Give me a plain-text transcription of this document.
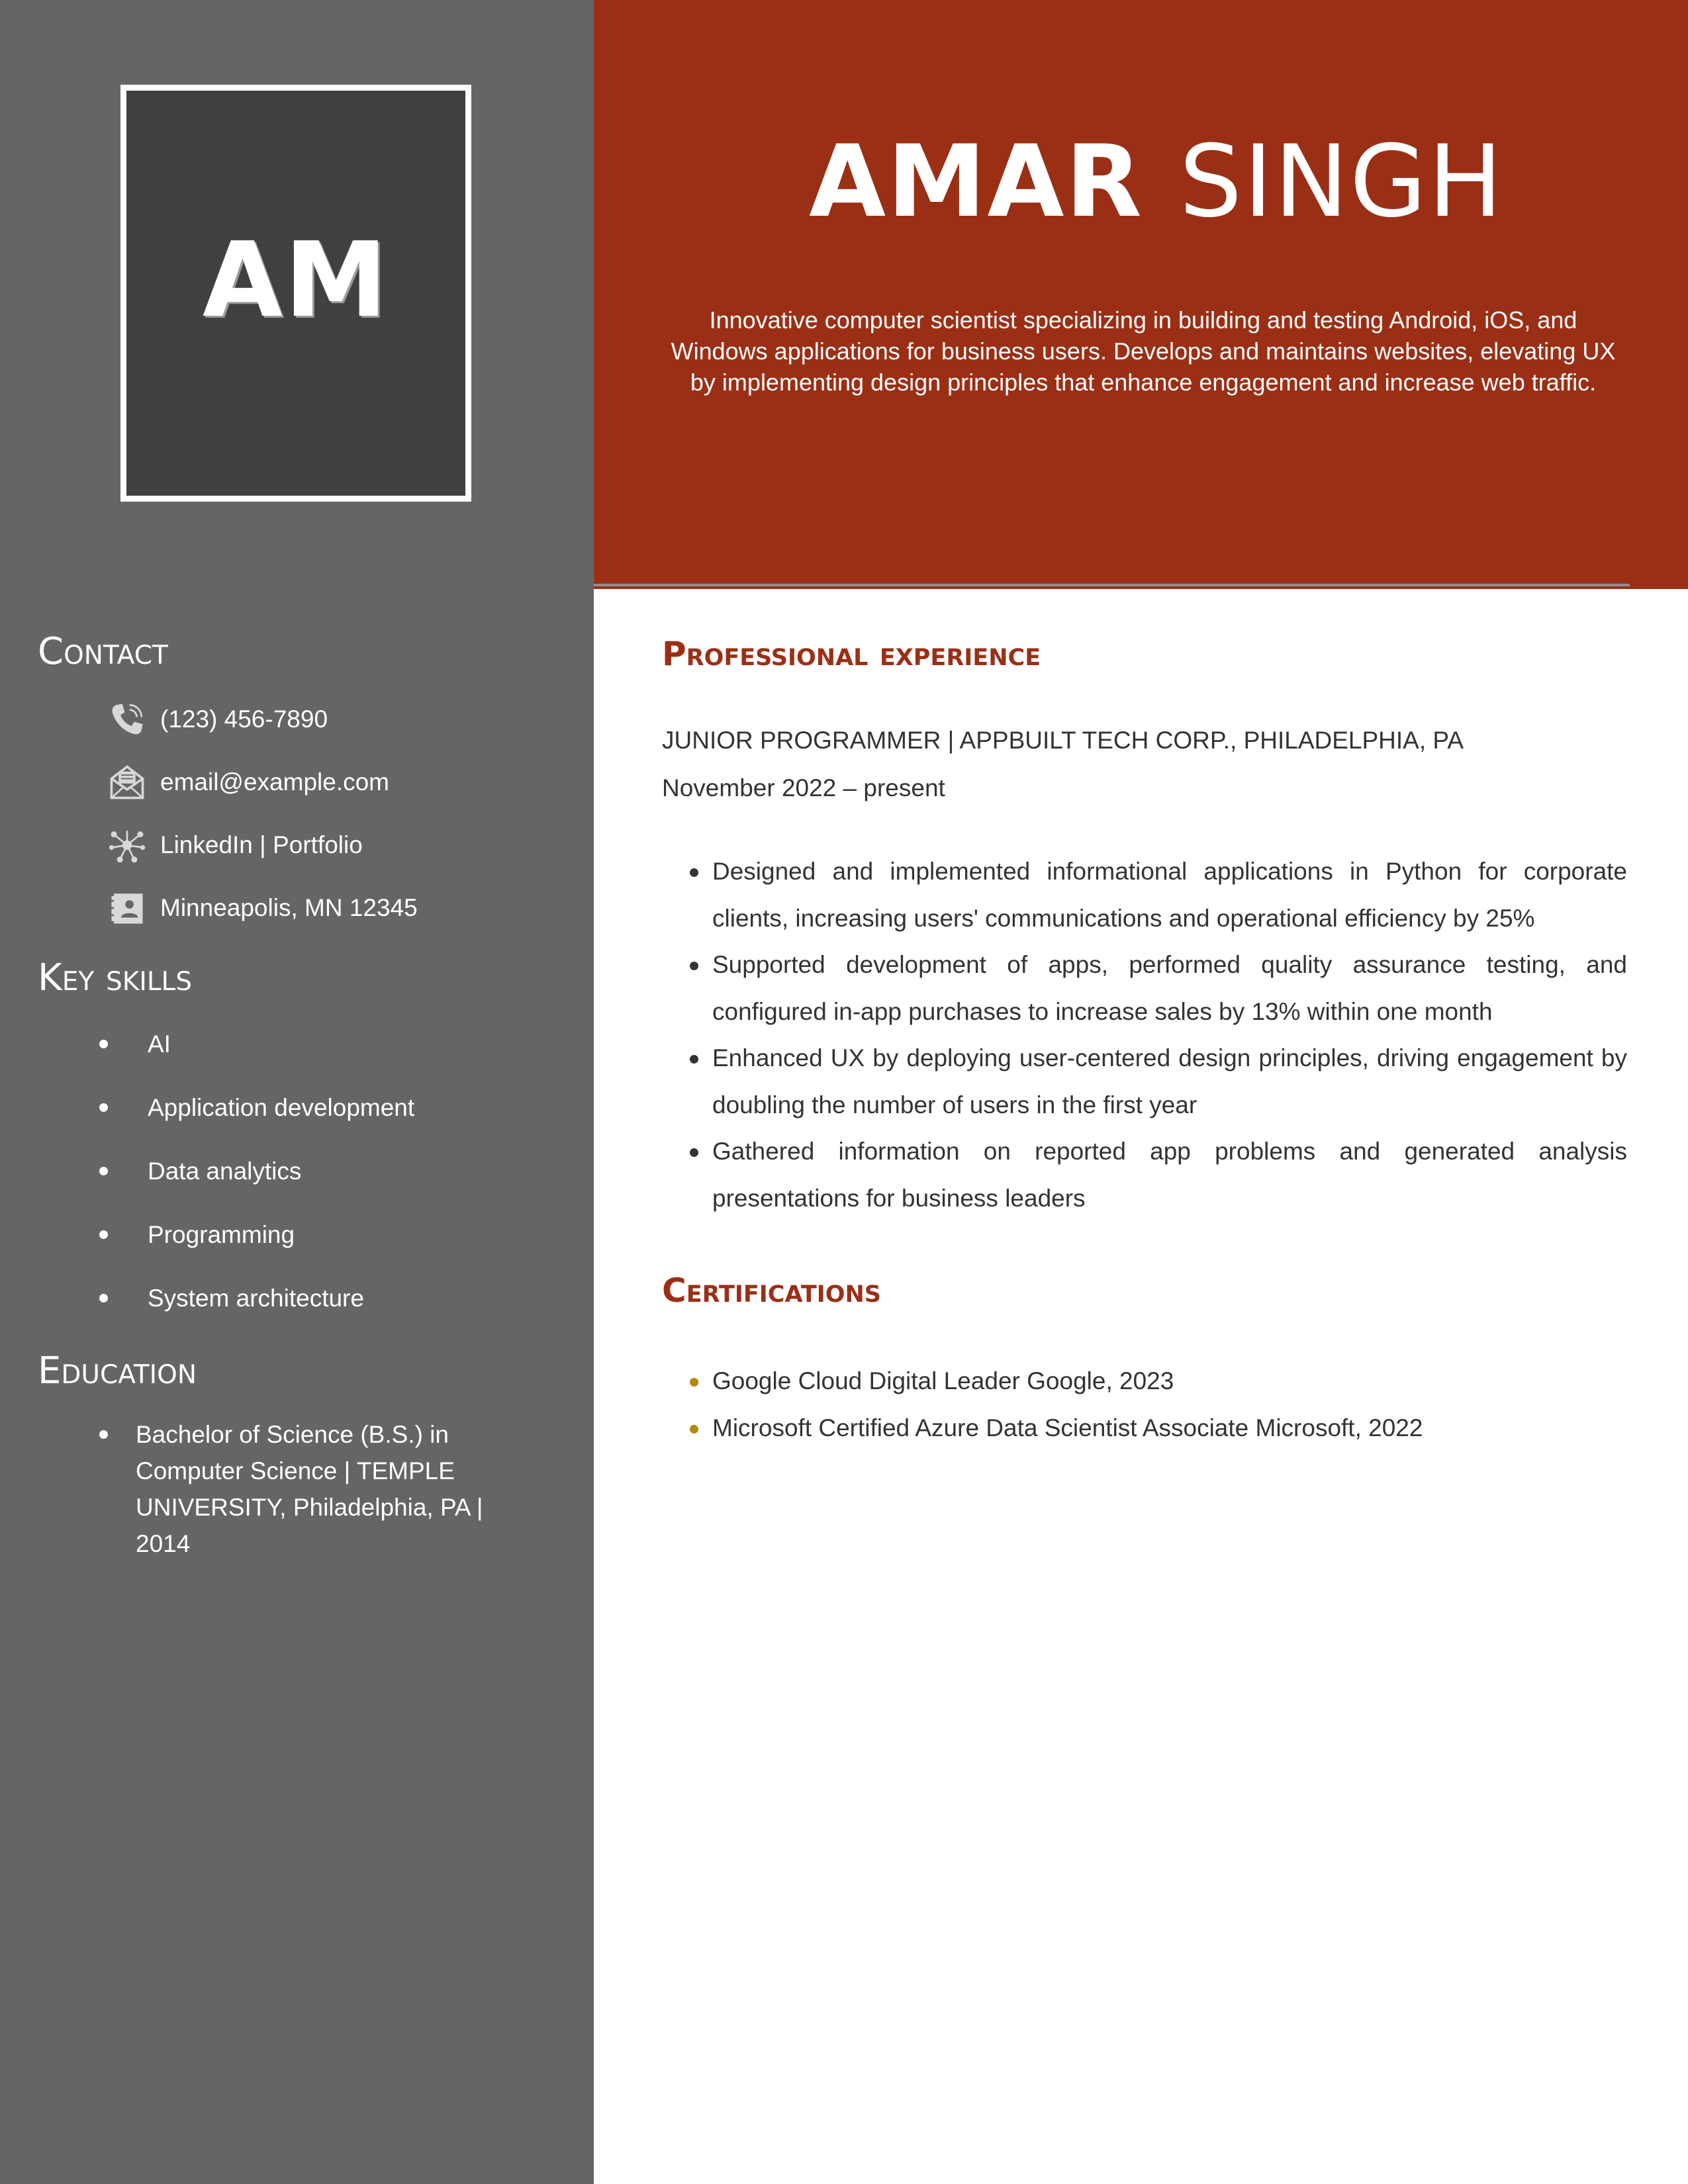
AM
Contact
(123) 456-7890
email@example.com
LinkedIn | Portfolio
Minneapolis, MN 12345
Key skills
AI
Application development
Data analytics
Programming
System architecture
Education
Bachelor of Science (B.S.) in Computer Science | TEMPLE UNIVERSITY, Philadelphia, PA | 2014
AMAR SINGH

Innovative computer scientist specializing in building and testing Android, iOS, and Windows applications for business users. Develops and maintains websites, elevating UX by implementing design principles that enhance engagement and increase web traffic.

Professional experience

JUNIOR PROGRAMMER | APPBUILT TECH CORP., PHILADELPHIA, PA

November 2022 – present

Designed and implemented informational applications in Python for corporate clients, increasing users' communications and operational efficiency by 25%
Supported development of apps, performed quality assurance testing, and configured in-app purchases to increase sales by 13% within one month
Enhanced UX by deploying user-centered design principles, driving engagement by doubling the number of users in the first year
Gathered information on reported app problems and generated analysis presentations for business leaders
Certifications
Google Cloud Digital Leader Google, 2023
Microsoft Certified Azure Data Scientist Associate Microsoft, 2022
